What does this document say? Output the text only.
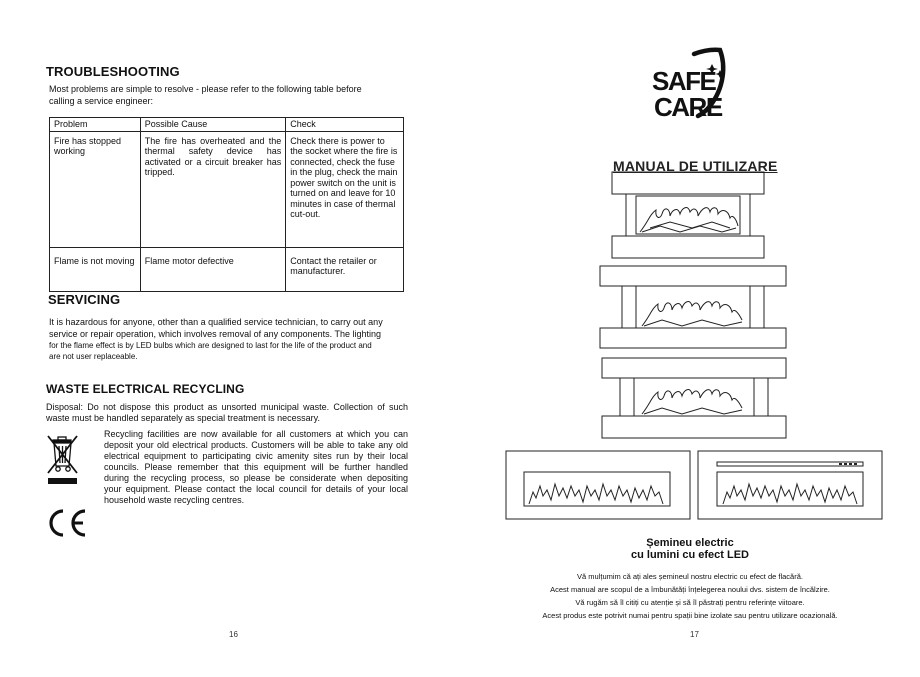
TROUBLESHOOTING
Most problems are simple to resolve - please refer to the following table before
calling a service engineer:
Problem	Possible Cause	Check
Fire has stopped working	The fire has overheated and the thermal safety device has activated or a circuit breaker has tripped.	Check there is power to the socket where the fire is connected, check the fuse in the plug, check the main power switch on the unit is turned on and leave for 10 minutes in case of thermal cut-out.
Flame is not moving	Flame motor defective	Contact the retailer or manufacturer.
SERVICING
It is hazardous for anyone, other than a qualified service technician, to carry out any
service or repair operation, which involves removal of any components. The lighting
for the flame effect is by LED bulbs which are designed to last for the life of the product and
are not user replaceable.
WASTE ELECTRICAL RECYCLING
Disposal: Do not dispose this product as unsorted municipal waste. Collection of such waste must be handled separately as special treatment is necessary.
Recycling facilities are now available for all customers at which you can deposit your old electrical products. Customers will be able to take any old electrical equipment to participating civic amenity sites run by their local councils. Please remember that this equipment will be further handled during the recycling process, so please be considerate when depositing your equipment. Please contact the local council for details of your local household waste recycling centres.
16
SAFE
CARE
MANUAL DE UTILIZARE
Șemineu electric
cu lumini cu efect LED
Vă mulțumim că ați ales șemineul nostru electric cu efect de flacără.
Acest manual are scopul de a îmbunătăți înțelegerea noului dvs. sistem de încălzire.
Vă rugăm să îl citiți cu atenție și să îl păstrați pentru referințe viitoare.
Acest produs este potrivit numai pentru spații bine izolate sau pentru utilizare ocazională.
17
